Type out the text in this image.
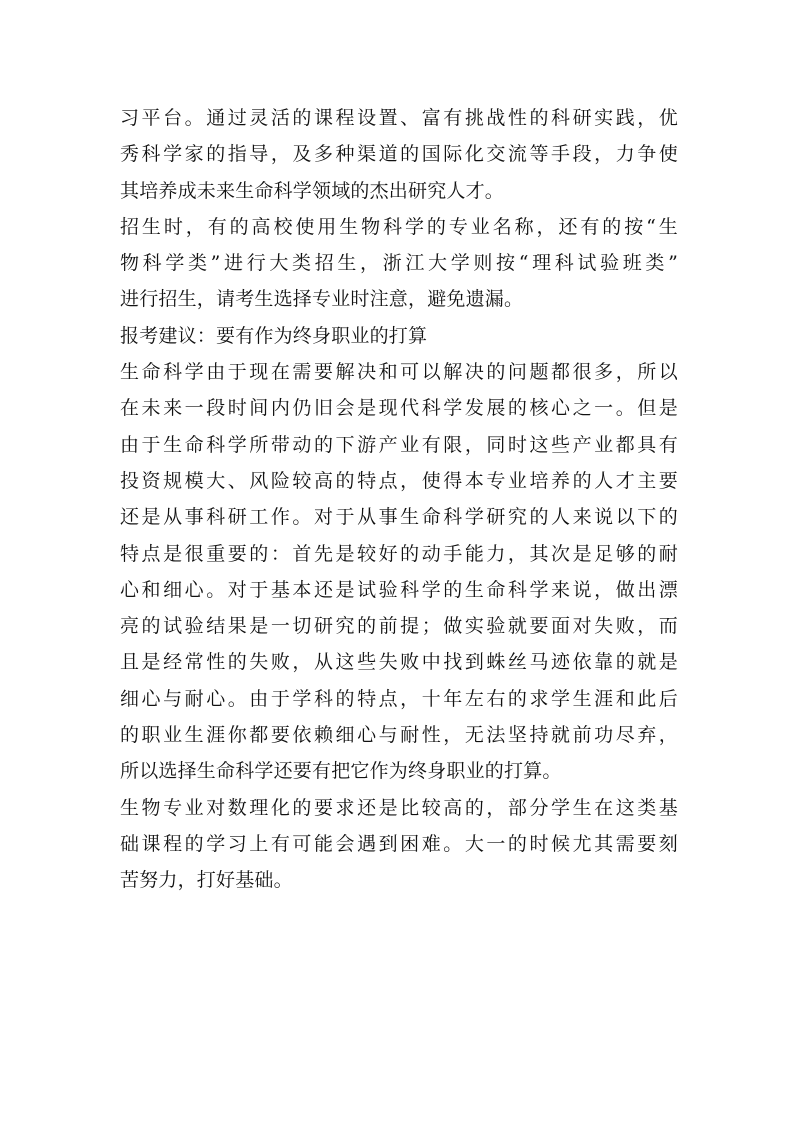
习平台。通过灵活的课程设置、富有挑战性的科研实践，优
秀科学家的指导，及多种渠道的国际化交流等手段，力争使
其培养成未来生命科学领域的杰出研究人才。

招生时，有的高校使用生物科学的专业名称，还有的按“生
物科学类”进行大类招生，浙江大学则按“理科试验班类”
进行招生，请考生选择专业时注意，避免遗漏。

报考建议：要有作为终身职业的打算

生命科学由于现在需要解决和可以解决的问题都很多，所以
在未来一段时间内仍旧会是现代科学发展的核心之一。但是
由于生命科学所带动的下游产业有限，同时这些产业都具有
投资规模大、风险较高的特点，使得本专业培养的人才主要
还是从事科研工作。对于从事生命科学研究的人来说以下的
特点是很重要的：首先是较好的动手能力，其次是足够的耐
心和细心。对于基本还是试验科学的生命科学来说，做出漂
亮的试验结果是一切研究的前提；做实验就要面对失败，而
且是经常性的失败，从这些失败中找到蛛丝马迹依靠的就是
细心与耐心。由于学科的特点，十年左右的求学生涯和此后
的职业生涯你都要依赖细心与耐性，无法坚持就前功尽弃，
所以选择生命科学还要有把它作为终身职业的打算。

生物专业对数理化的要求还是比较高的，部分学生在这类基
础课程的学习上有可能会遇到困难。大一的时候尤其需要刻
苦努力，打好基础。
